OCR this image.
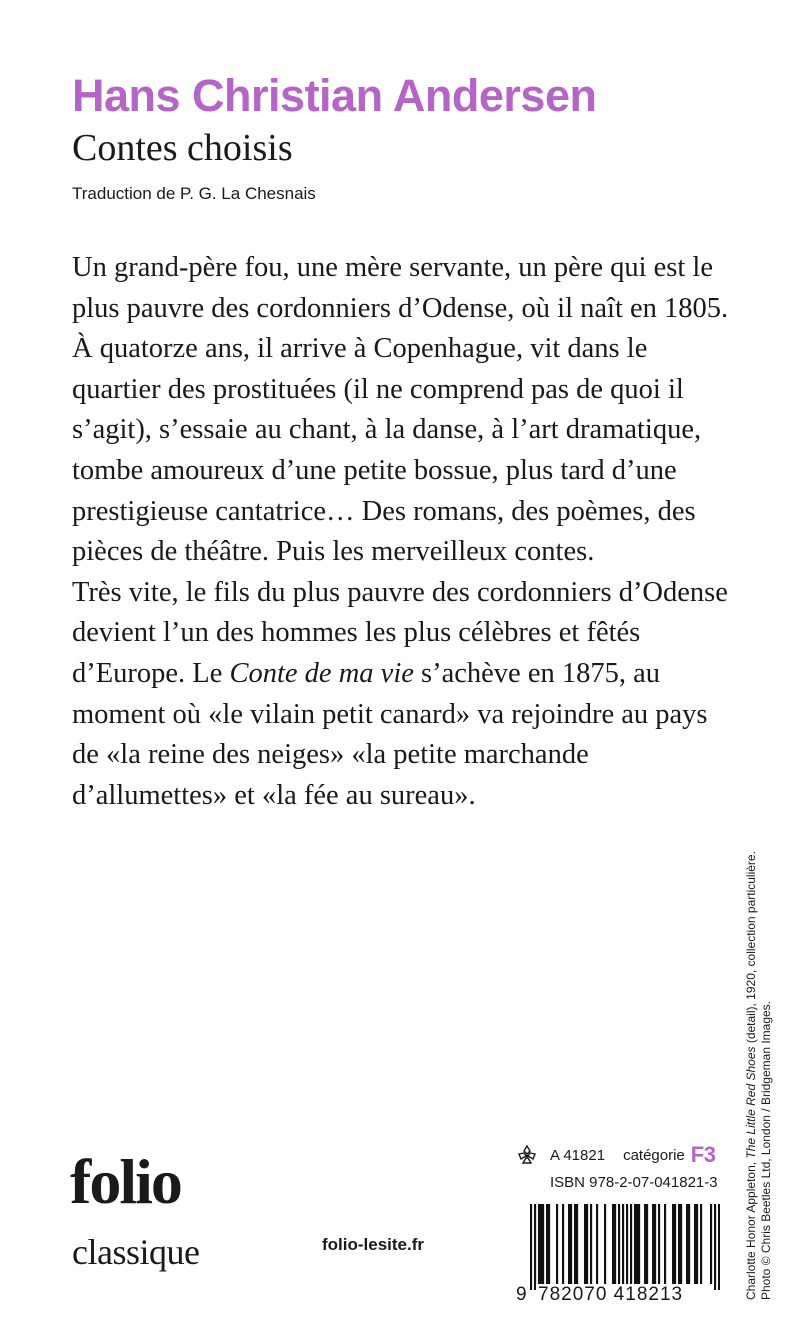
Hans Christian Andersen
Contes choisis
Traduction de P. G. La Chesnais

Un grand-père fou, une mère servante, un père qui est le plus pauvre des cordonniers d’Odense, où il naît en 1805. À quatorze ans, il arrive à Copenhague, vit dans le quartier des prostituées (il ne comprend pas de quoi il s’agit), s’essaie au chant, à la danse, à l’art dramatique, tombe amoureux d’une petite bossue, plus tard d’une prestigieuse cantatrice… Des romans, des poèmes, des pièces de théâtre. Puis les merveilleux contes.

Très vite, le fils du plus pauvre des cordonniers d’Odense devient l’un des hommes les plus célèbres et fêtés d’Europe. Le Conte de ma vie s’achève en 1875, au moment où «le vilain petit canard» va rejoindre au pays de «la reine des neiges» «la petite marchande d’allumettes» et «la fée au sureau».

Charlotte Honor Appleton, The Little Red Shoes (detail), 1920, collection particulière.
Photo © Chris Beetles Ltd, London / Bridgeman Images.
folio
classique	folio-lesite.fr
A 41821 catégorie F3
ISBN 978-2-07-041821-3
9 782070 418213
